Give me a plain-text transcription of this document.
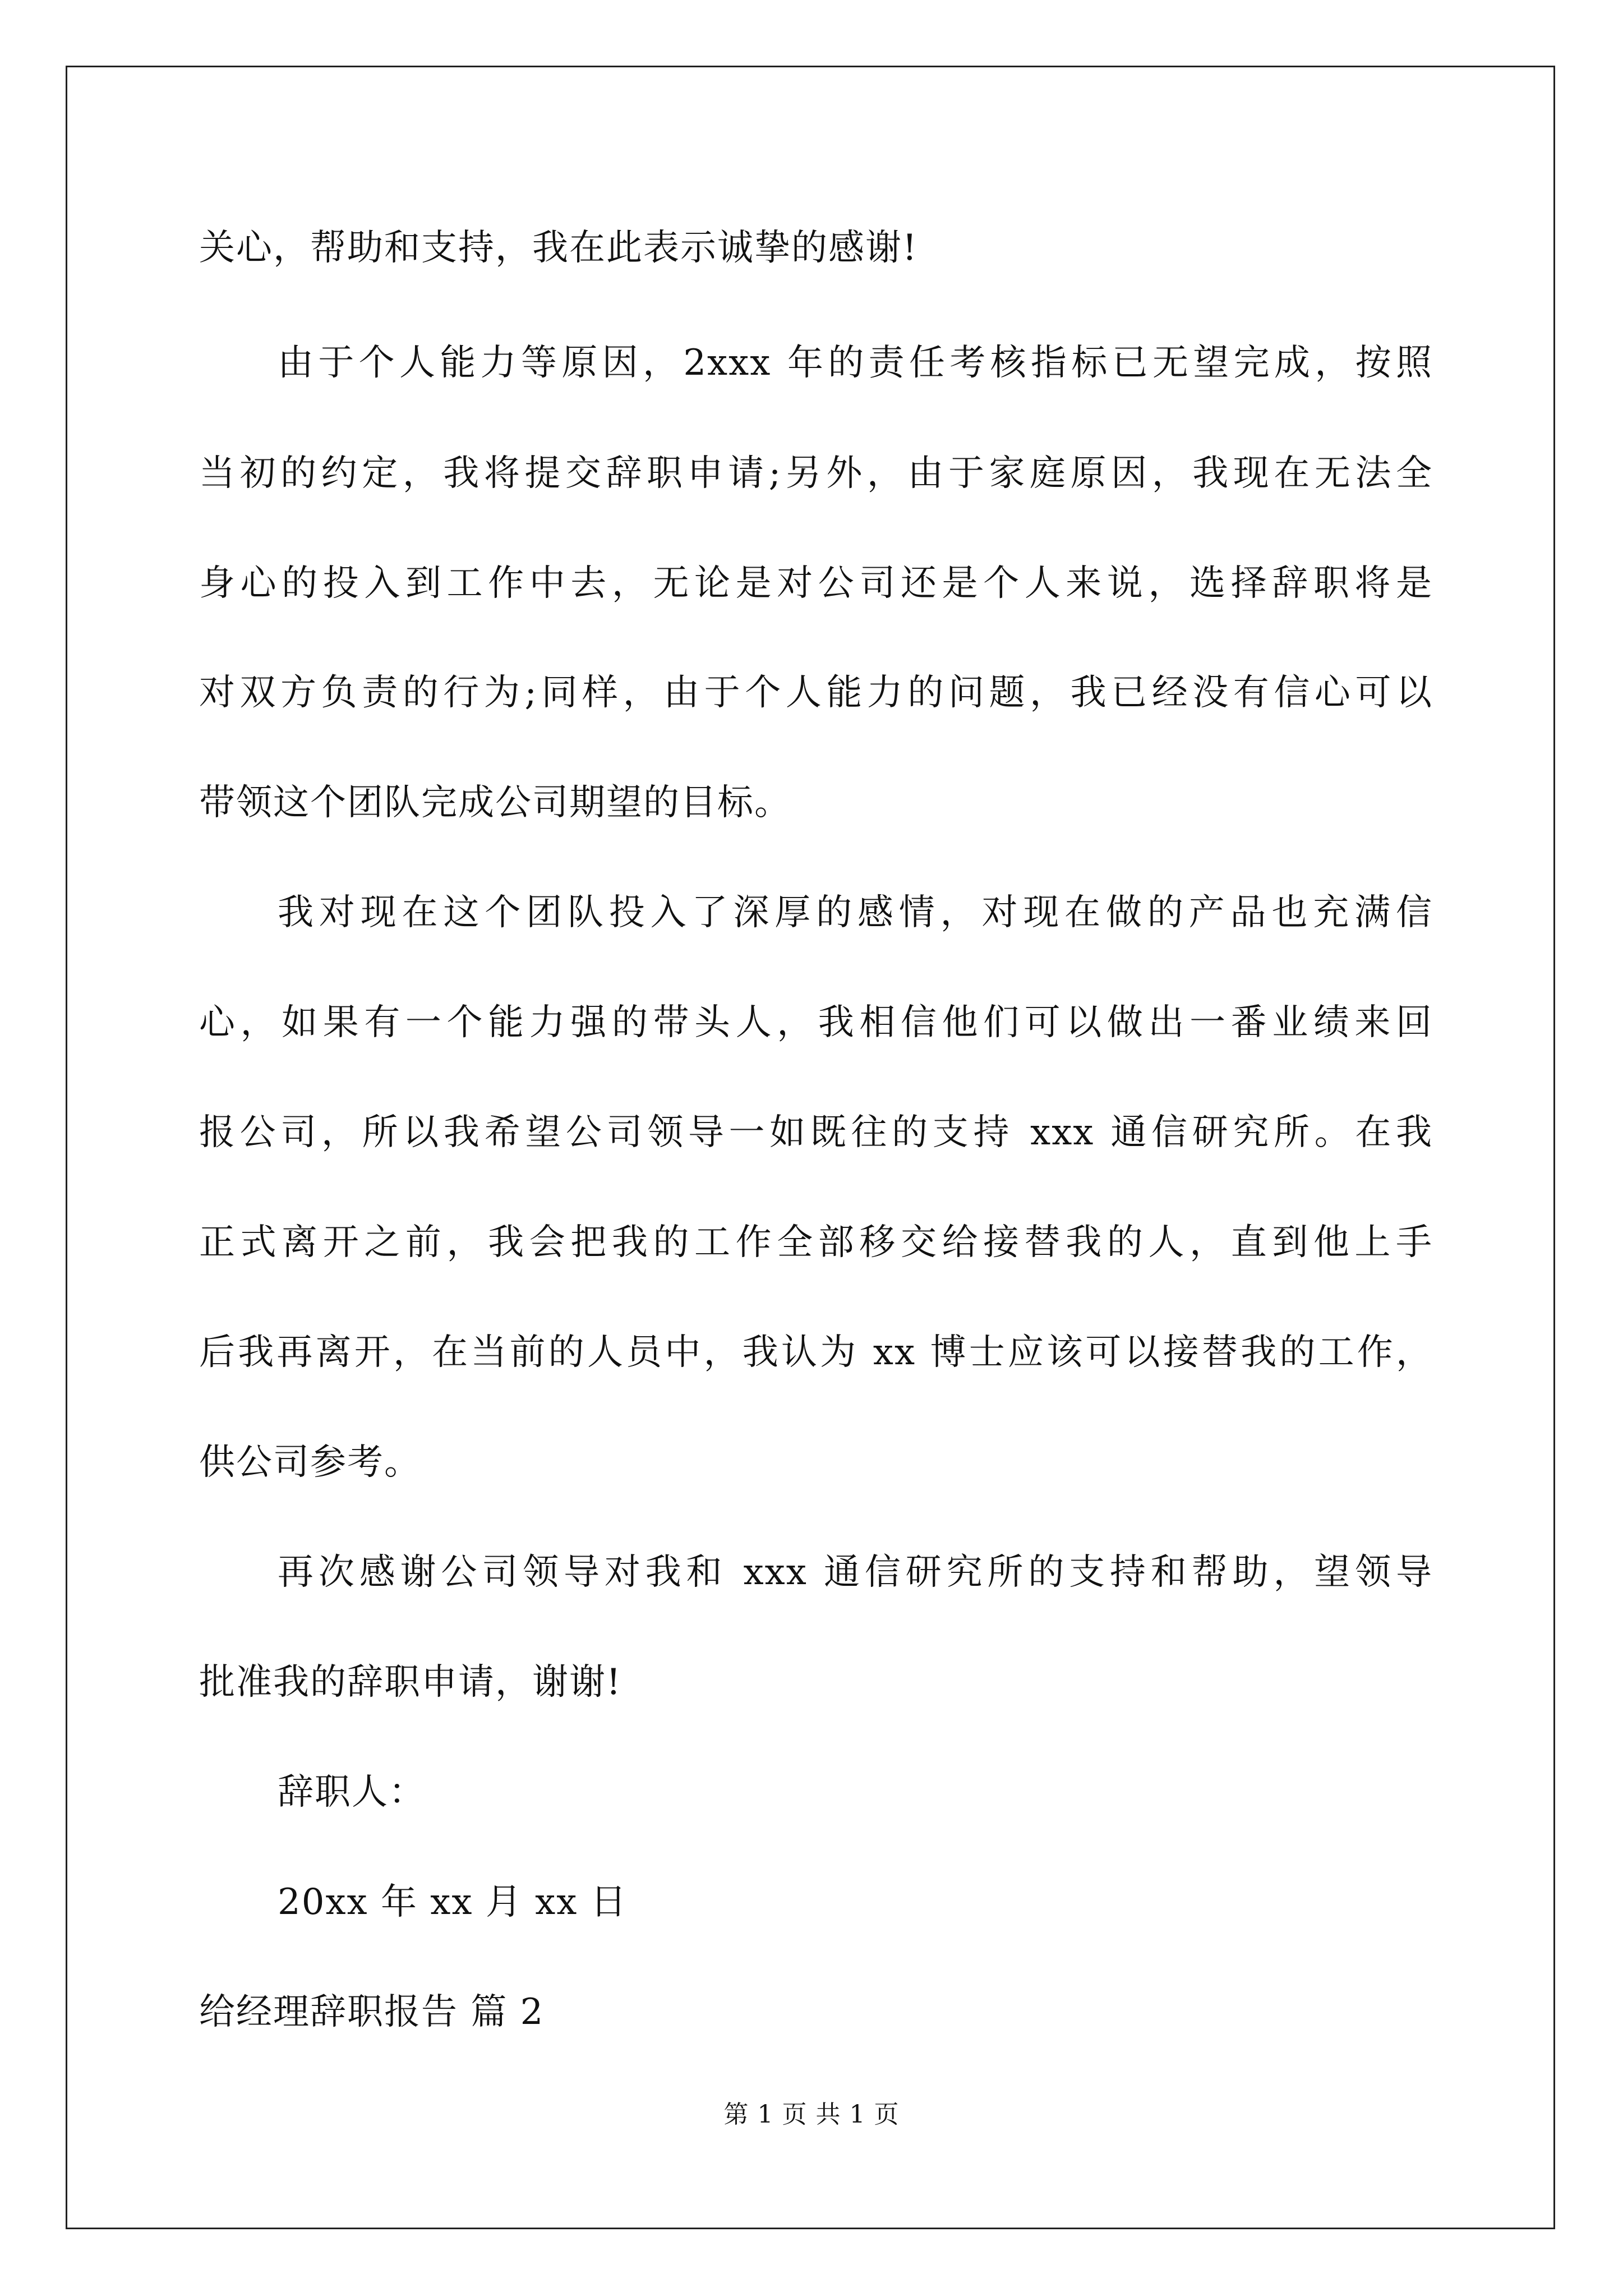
关心，帮助和支持，我在此表示诚挚的感谢!
由于个人能力等原因，2xxx 年的责任考核指标已无望完成，按照
当初的约定，我将提交辞职申请;另外，由于家庭原因，我现在无法全
身心的投入到工作中去，无论是对公司还是个人来说，选择辞职将是
对双方负责的行为;同样，由于个人能力的问题，我已经没有信心可以
带领这个团队完成公司期望的目标。
我对现在这个团队投入了深厚的感情，对现在做的产品也充满信
心，如果有一个能力强的带头人，我相信他们可以做出一番业绩来回
报公司，所以我希望公司领导一如既往的支持 xxx 通信研究所。在我
正式离开之前，我会把我的工作全部移交给接替我的人，直到他上手
后我再离开，在当前的人员中，我认为 xx 博士应该可以接替我的工作，
供公司参考。
再次感谢公司领导对我和 xxx 通信研究所的支持和帮助，望领导
批准我的辞职申请，谢谢!
辞职人：
20xx 年 xx 月 xx 日
给经理辞职报告 篇 2
第 1 页 共 1 页
